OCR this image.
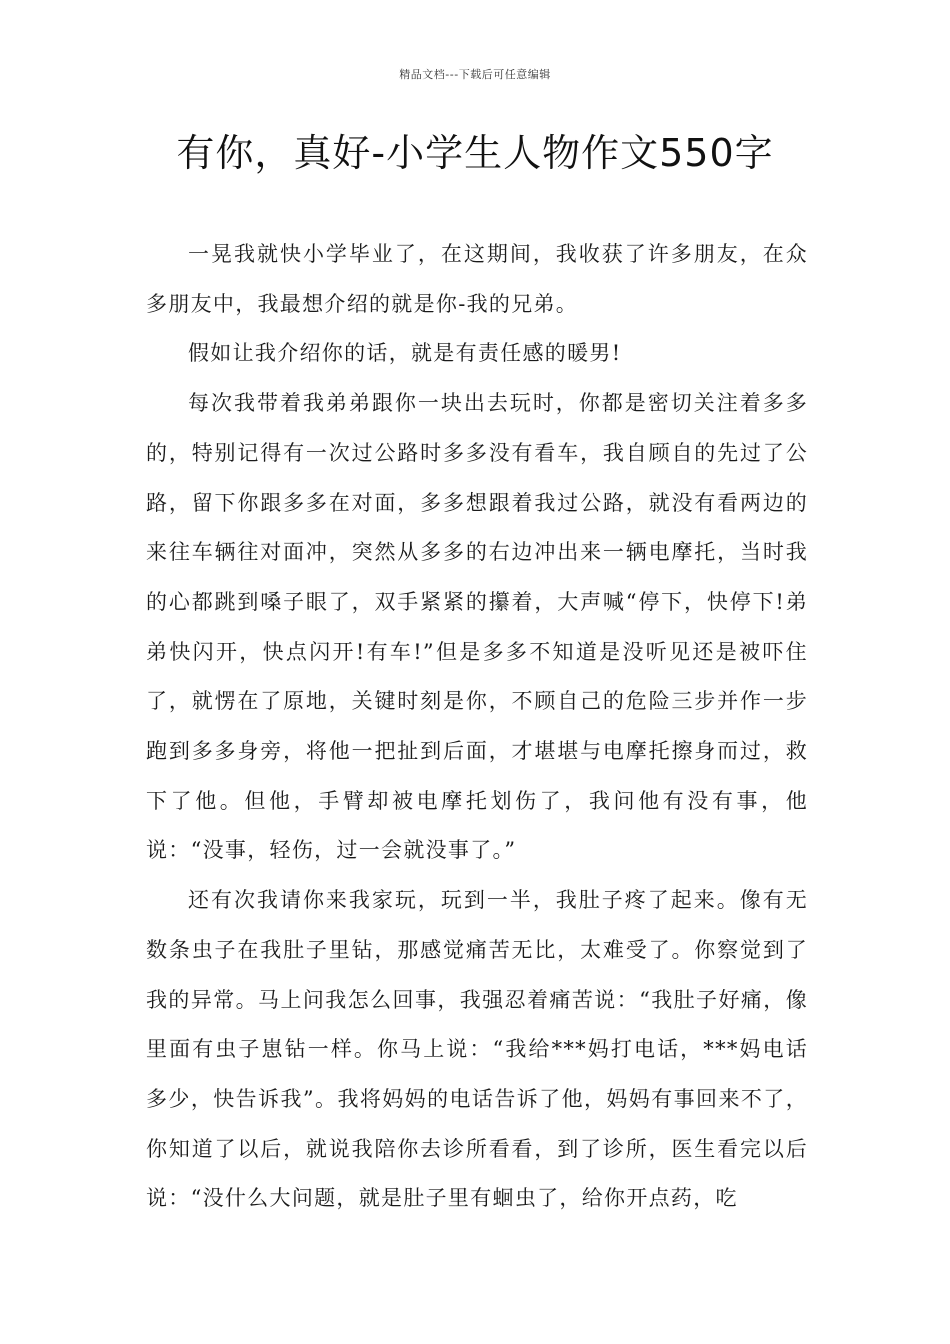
精品文档---下载后可任意编辑
有你，真好-小学生人物作文550字

一晃我就快小学毕业了，在这期间，我收获了许多朋友，在众多朋友中，我最想介绍的就是你-我的兄弟。

假如让我介绍你的话，就是有责任感的暖男!

每次我带着我弟弟跟你一块出去玩时，你都是密切关注着多多的，特别记得有一次过公路时多多没有看车，我自顾自的先过了公路，留下你跟多多在对面，多多想跟着我过公路，就没有看两边的来往车辆往对面冲，突然从多多的右边冲出来一辆电摩托，当时我的心都跳到嗓子眼了，双手紧紧的攥着，大声喊“停下，快停下!弟弟快闪开，快点闪开!有车!”但是多多不知道是没听见还是被吓住了，就愣在了原地，关键时刻是你，不顾自己的危险三步并作一步跑到多多身旁，将他一把扯到后面，才堪堪与电摩托擦身而过，救下了他。但他，手臂却被电摩托划伤了，我问他有没有事，他说：“没事，轻伤，过一会就没事了。”

还有次我请你来我家玩，玩到一半，我肚子疼了起来。像有无数条虫子在我肚子里钻，那感觉痛苦无比，太难受了。你察觉到了我的异常。马上问我怎么回事，我强忍着痛苦说：“我肚子好痛，像里面有虫子崽钻一样。你马上说：“我给***妈打电话，***妈电话多少，快告诉我”。我将妈妈的电话告诉了他，妈妈有事回来不了，你知道了以后，就说我陪你去诊所看看，到了诊所，医生看完以后说：“没什么大问题，就是肚子里有蛔虫了，给你开点药，吃
